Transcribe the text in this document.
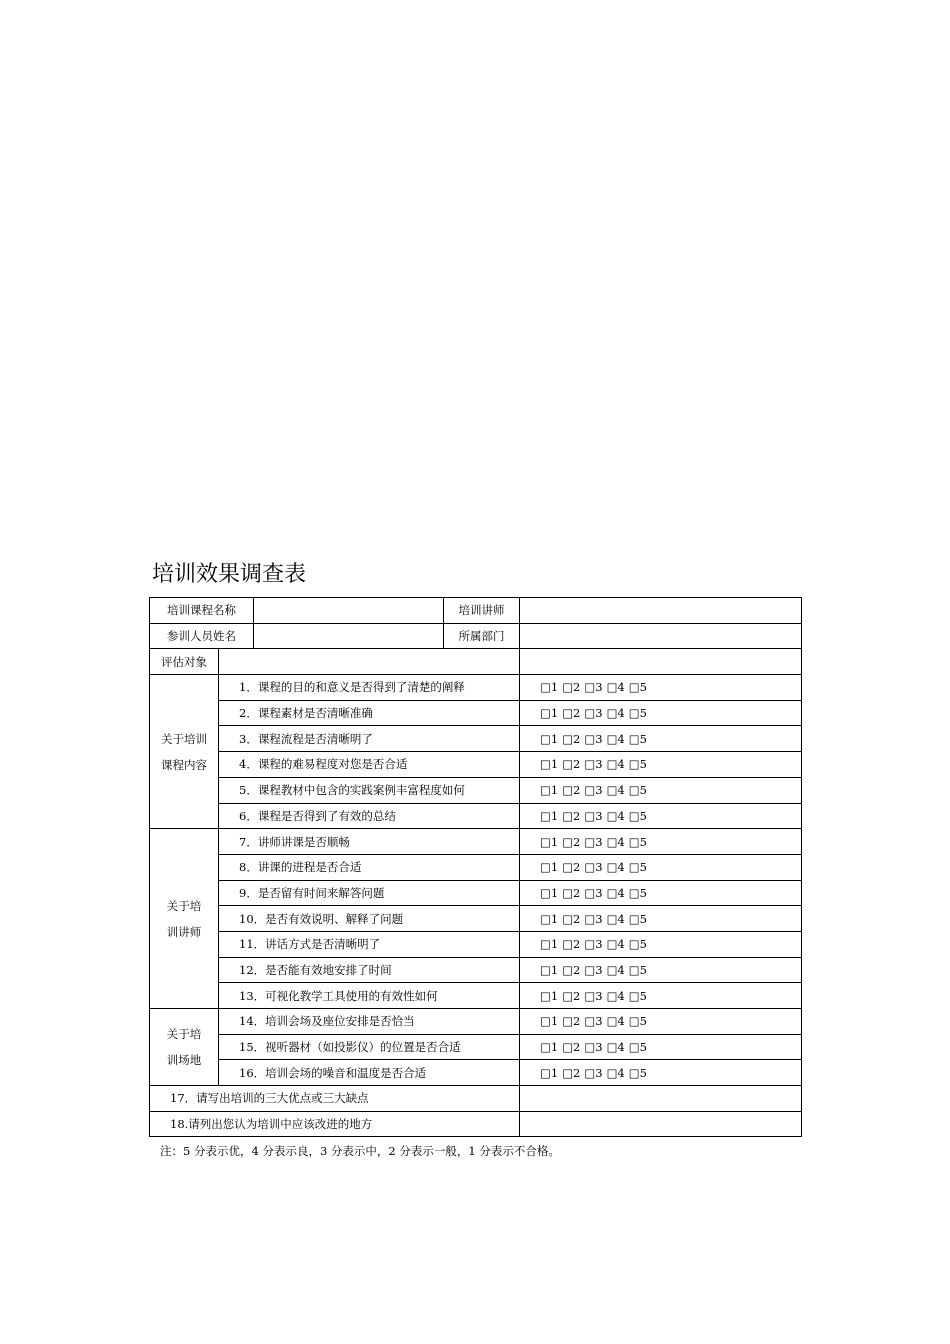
培训效果调查表
培训课程名称			培训讲师	
参训人员姓名			所属部门	
评估对象				

关于培训
课程内容	1．课程的目的和意义是否得到了清楚的阐释			□1 □2 □3 □4 □5
	2．课程素材是否清晰准确			□1 □2 □3 □4 □5
	3．课程流程是否清晰明了			□1 □2 □3 □4 □5
	4．课程的难易程度对您是否合适			□1 □2 □3 □4 □5
	5．课程教材中包含的实践案例丰富程度如何			□1 □2 □3 □4 □5
	6．课程是否得到了有效的总结			□1 □2 □3 □4 □5

关于培
训讲师	7．讲师讲课是否顺畅			□1 □2 □3 □4 □5
	8．讲课的进程是否合适			□1 □2 □3 □4 □5
	9．是否留有时间来解答问题			□1 □2 □3 □4 □5
	10．是否有效说明、解释了问题			□1 □2 □3 □4 □5
	11．讲话方式是否清晰明了			□1 □2 □3 □4 □5
	12．是否能有效地安排了时间			□1 □2 □3 □4 □5
	13．可视化教学工具使用的有效性如何			□1 □2 □3 □4 □5

关于培
训场地	14．培训会场及座位安排是否恰当			□1 □2 □3 □4 □5
	15．视听器材（如投影仪）的位置是否合适			□1 □2 □3 □4 □5
	16．培训会场的噪音和温度是否合适			□1 □2 □3 □4 □5
17．请写出培训的三大优点或三大缺点				
18.请列出您认为培训中应该改进的地方				
注：5 分表示优，4 分表示良，3 分表示中，2 分表示一般，1 分表示不合格。
